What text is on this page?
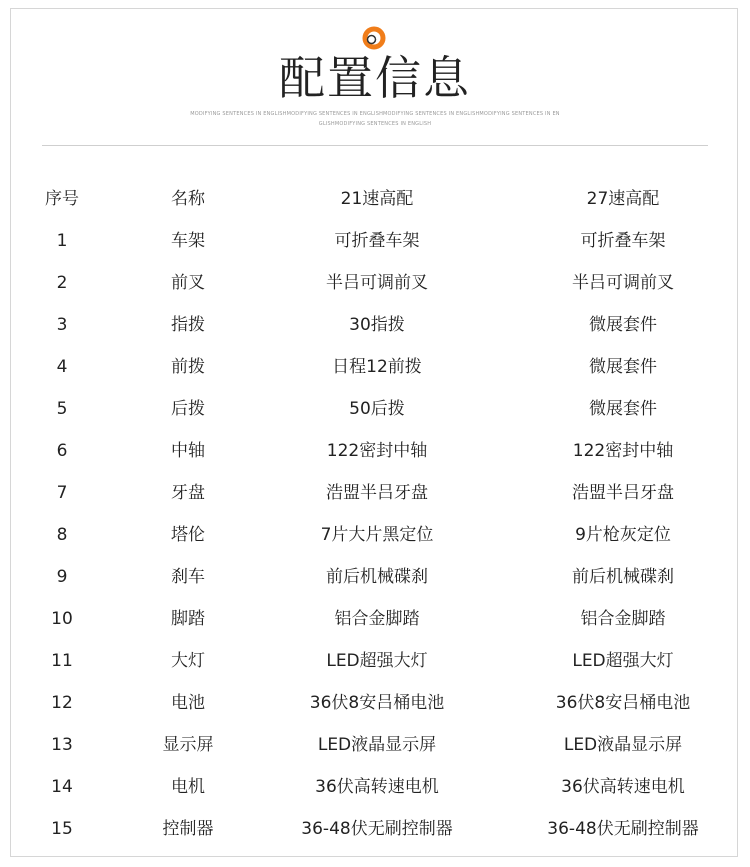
配置信息
MODIFYING SENTENCES IN ENGLISHMODIFYING SENTENCES IN ENGLISHMODIFYING SENTENCES IN ENGLISHMODIFYING SENTENCES IN ENGLISHMODIFYING SENTENCES IN ENGLISH
序号	名称	21速高配	27速高配
1	车架	可折叠车架	可折叠车架
2	前叉	半吕可调前叉	半吕可调前叉
3	指拨	30指拨	微展套件
4	前拨	日程12前拨	微展套件
5	后拨	50后拨	微展套件
6	中轴	122密封中轴	122密封中轴
7	牙盘	浩盟半吕牙盘	浩盟半吕牙盘
8	塔伦	7片大片黑定位	9片枪灰定位
9	刹车	前后机械碟刹	前后机械碟刹
10	脚踏	铝合金脚踏	铝合金脚踏
11	大灯	LED超强大灯	LED超强大灯
12	电池	36伏8安吕桶电池	36伏8安吕桶电池
13	显示屏	LED液晶显示屏	LED液晶显示屏
14	电机	36伏高转速电机	36伏高转速电机
15	控制器	36-48伏无刷控制器	36-48伏无刷控制器
